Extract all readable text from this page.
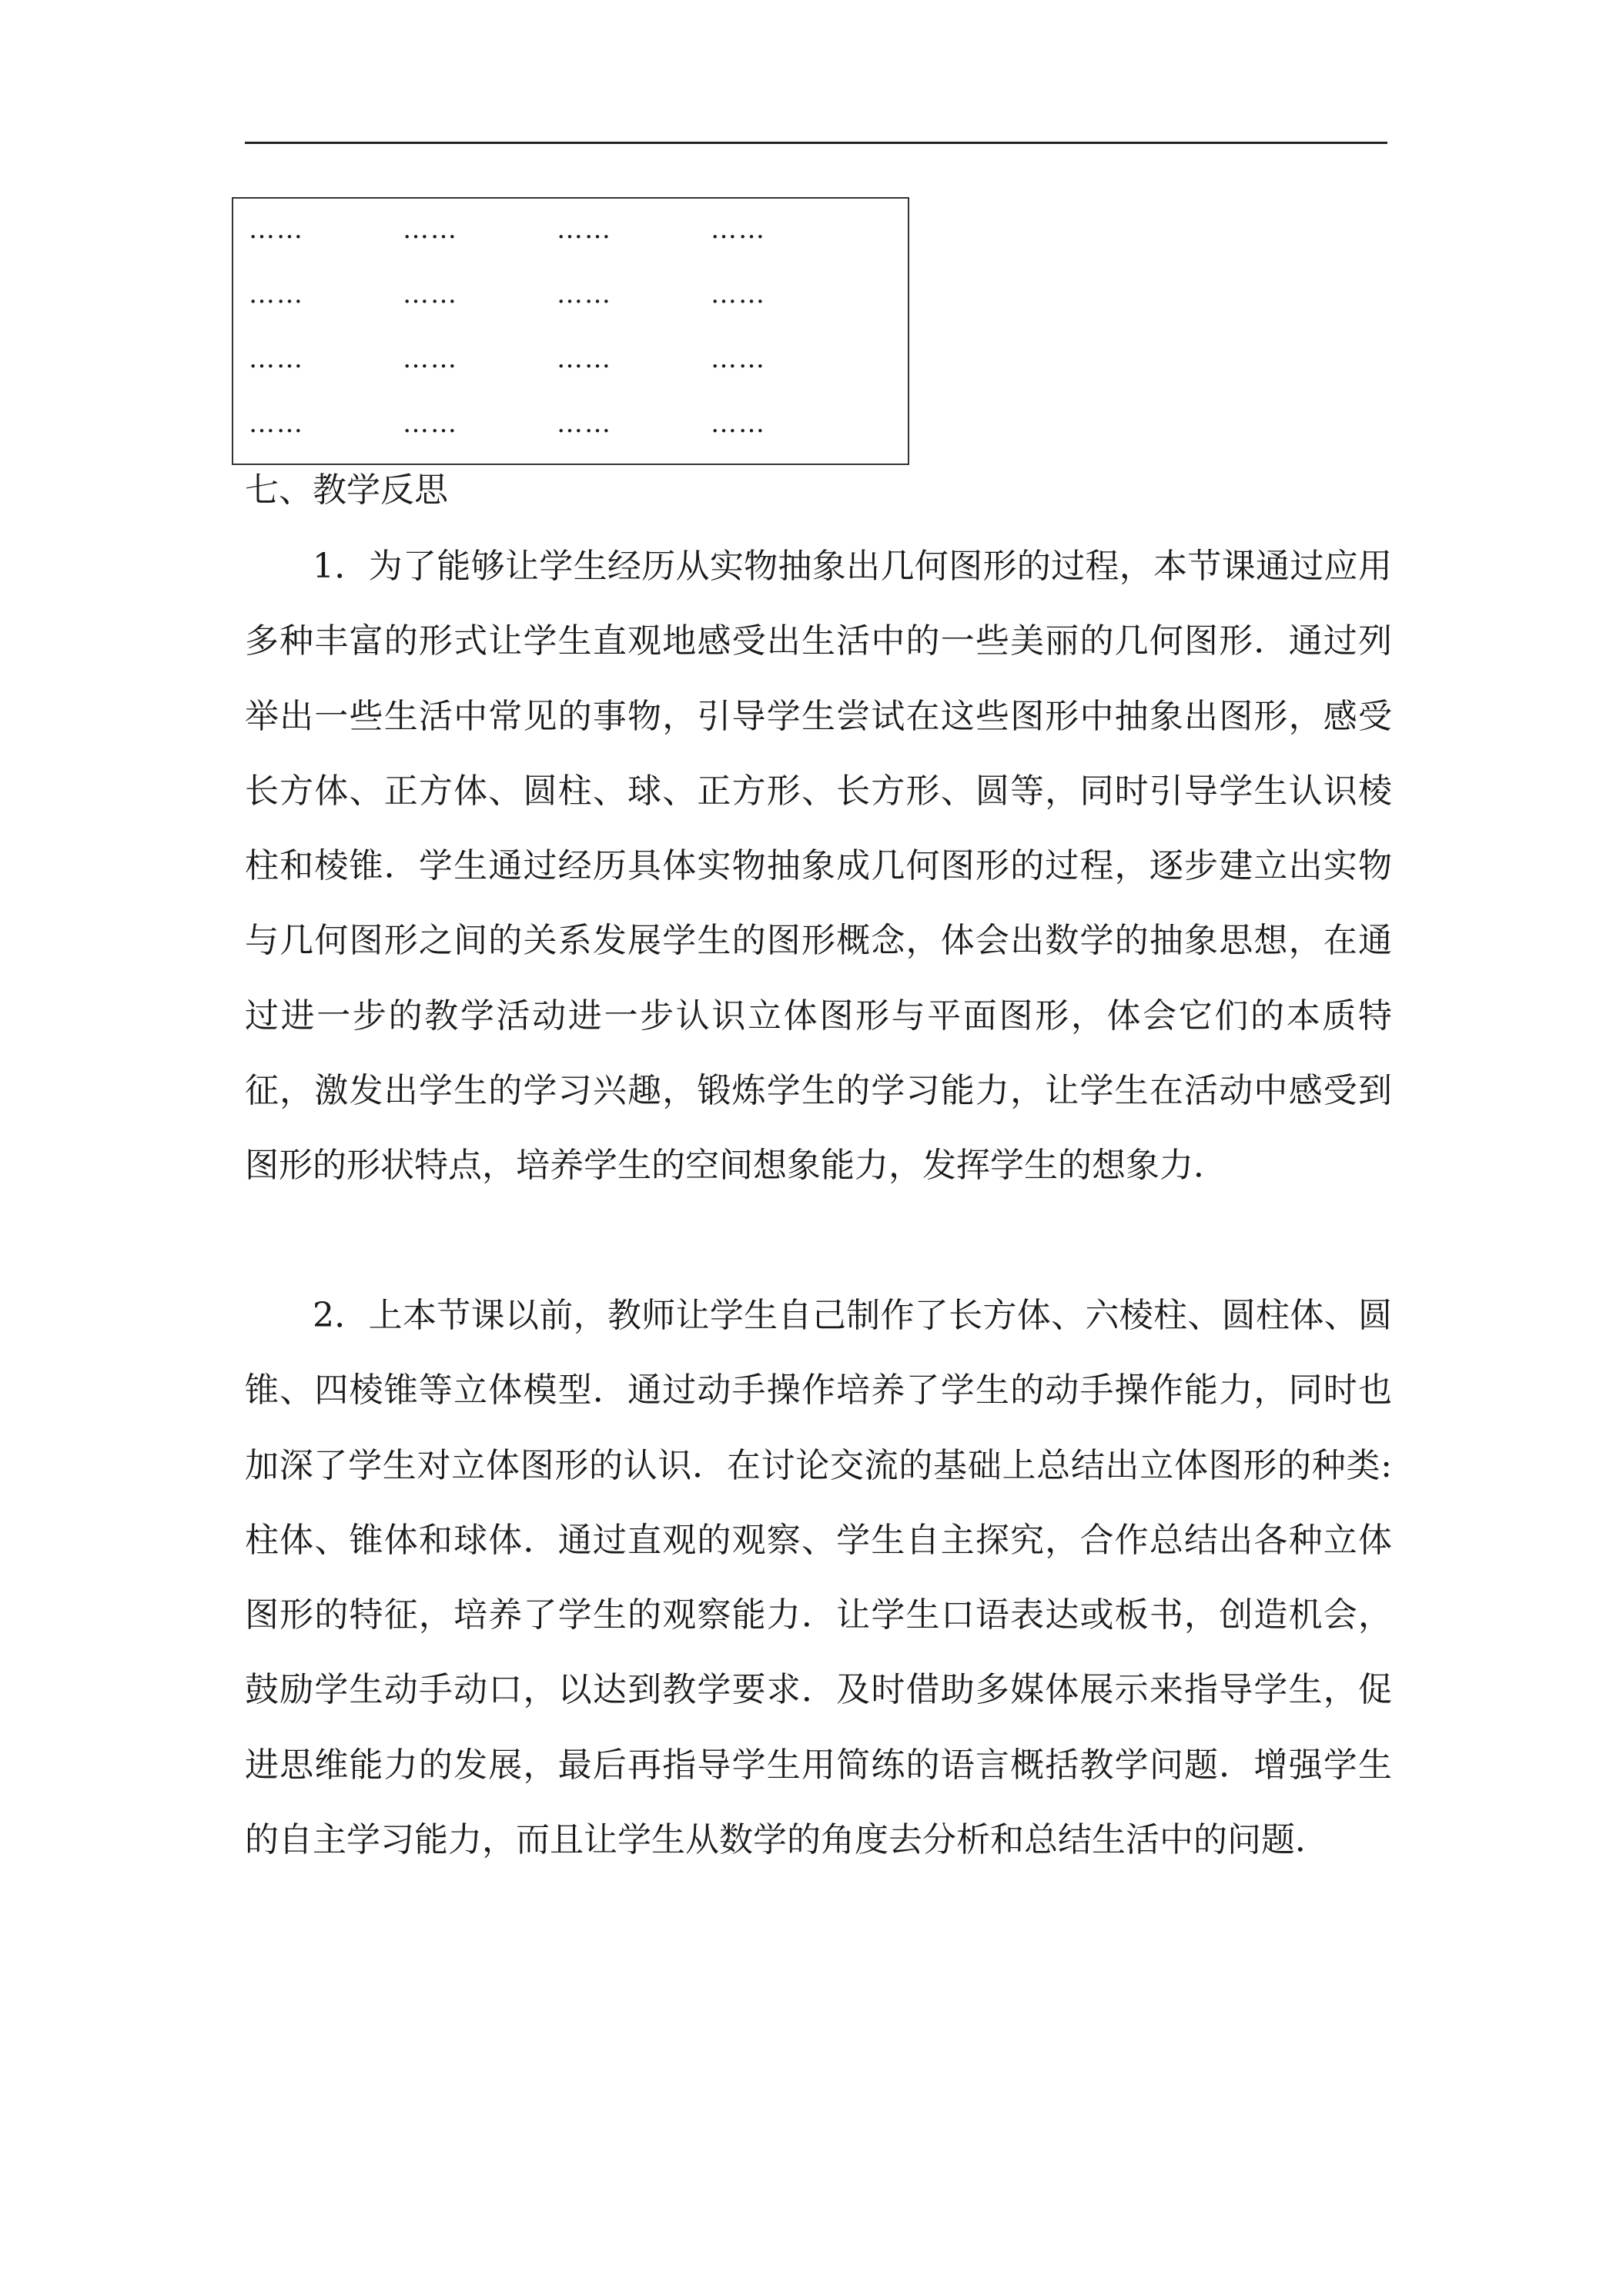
……	……	……	……
……	……	……	……
……	……	……	……
……	……	……	……
七、教学反思

1．为了能够让学生经历从实物抽象出几何图形的过程，本节课通过应用多种丰富的形式让学生直观地感受出生活中的一些美丽的几何图形．通过列举出一些生活中常见的事物，引导学生尝试在这些图形中抽象出图形，感受长方体、正方体、圆柱、球、正方形、长方形、圆等，同时引导学生认识棱柱和棱锥．学生通过经历具体实物抽象成几何图形的过程，逐步建立出实物与几何图形之间的关系发展学生的图形概念，体会出数学的抽象思想，在通过进一步的教学活动进一步认识立体图形与平面图形，体会它们的本质特征，激发出学生的学习兴趣，锻炼学生的学习能力，让学生在活动中感受到图形的形状特点，培养学生的空间想象能力，发挥学生的想象力．

2．上本节课以前，教师让学生自己制作了长方体、六棱柱、圆柱体、圆锥、四棱锥等立体模型．通过动手操作培养了学生的动手操作能力，同时也加深了学生对立体图形的认识．在讨论交流的基础上总结出立体图形的种类:柱体、锥体和球体．通过直观的观察、学生自主探究，合作总结出各种立体图形的特征，培养了学生的观察能力．让学生口语表达或板书，创造机会，鼓励学生动手动口，以达到教学要求．及时借助多媒体展示来指导学生，促进思维能力的发展，最后再指导学生用简练的语言概括教学问题．增强学生的自主学习能力，而且让学生从数学的角度去分析和总结生活中的问题．
